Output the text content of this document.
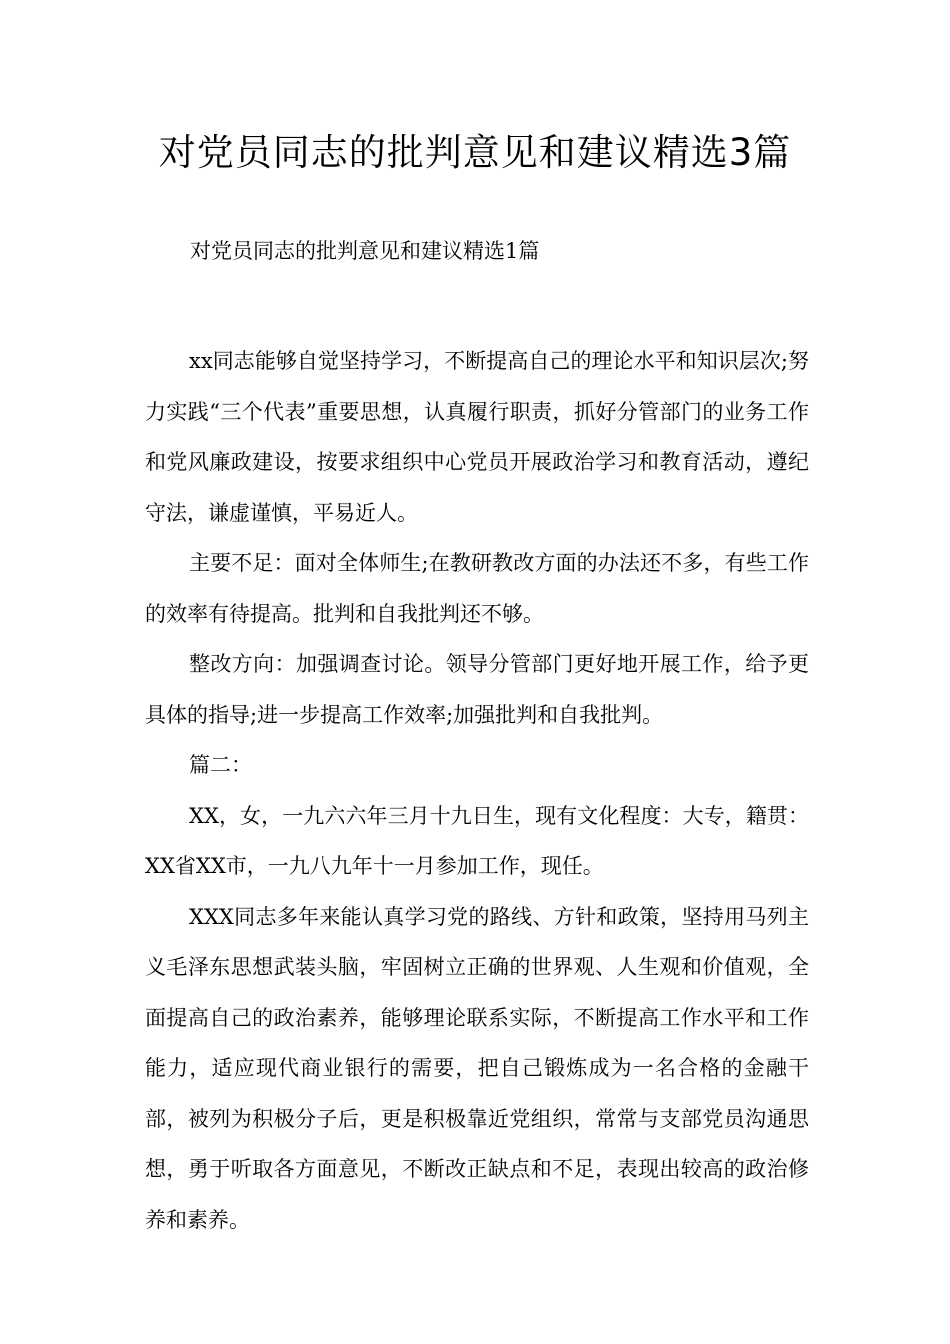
对党员同志的批判意见和建议精选3篇

对党员同志的批判意见和建议精选1篇

xx同志能够自觉坚持学习，不断提高自己的理论水平和知识层次;努力实践“三个代表”重要思想，认真履行职责，抓好分管部门的业务工作和党风廉政建设，按要求组织中心党员开展政治学习和教育活动，遵纪守法，谦虚谨慎，平易近人。

主要不足：面对全体师生;在教研教改方面的办法还不多，有些工作的效率有待提高。批判和自我批判还不够。

整改方向：加强调查讨论。领导分管部门更好地开展工作，给予更具体的指导;进一步提高工作效率;加强批判和自我批判。

篇二：

XX，女，一九六六年三月十九日生，现有文化程度：大专，籍贯：XX省XX市，一九八九年十一月参加工作，现任。

XXX同志多年来能认真学习党的路线、方针和政策，坚持用马列主义毛泽东思想武装头脑，牢固树立正确的世界观、人生观和价值观，全面提高自己的政治素养，能够理论联系实际，不断提高工作水平和工作能力，适应现代商业银行的需要，把自己锻炼成为一名合格的金融干部，被列为积极分子后，更是积极靠近党组织，常常与支部党员沟通思想，勇于听取各方面意见，不断改正缺点和不足，表现出较高的政治修养和素养。
